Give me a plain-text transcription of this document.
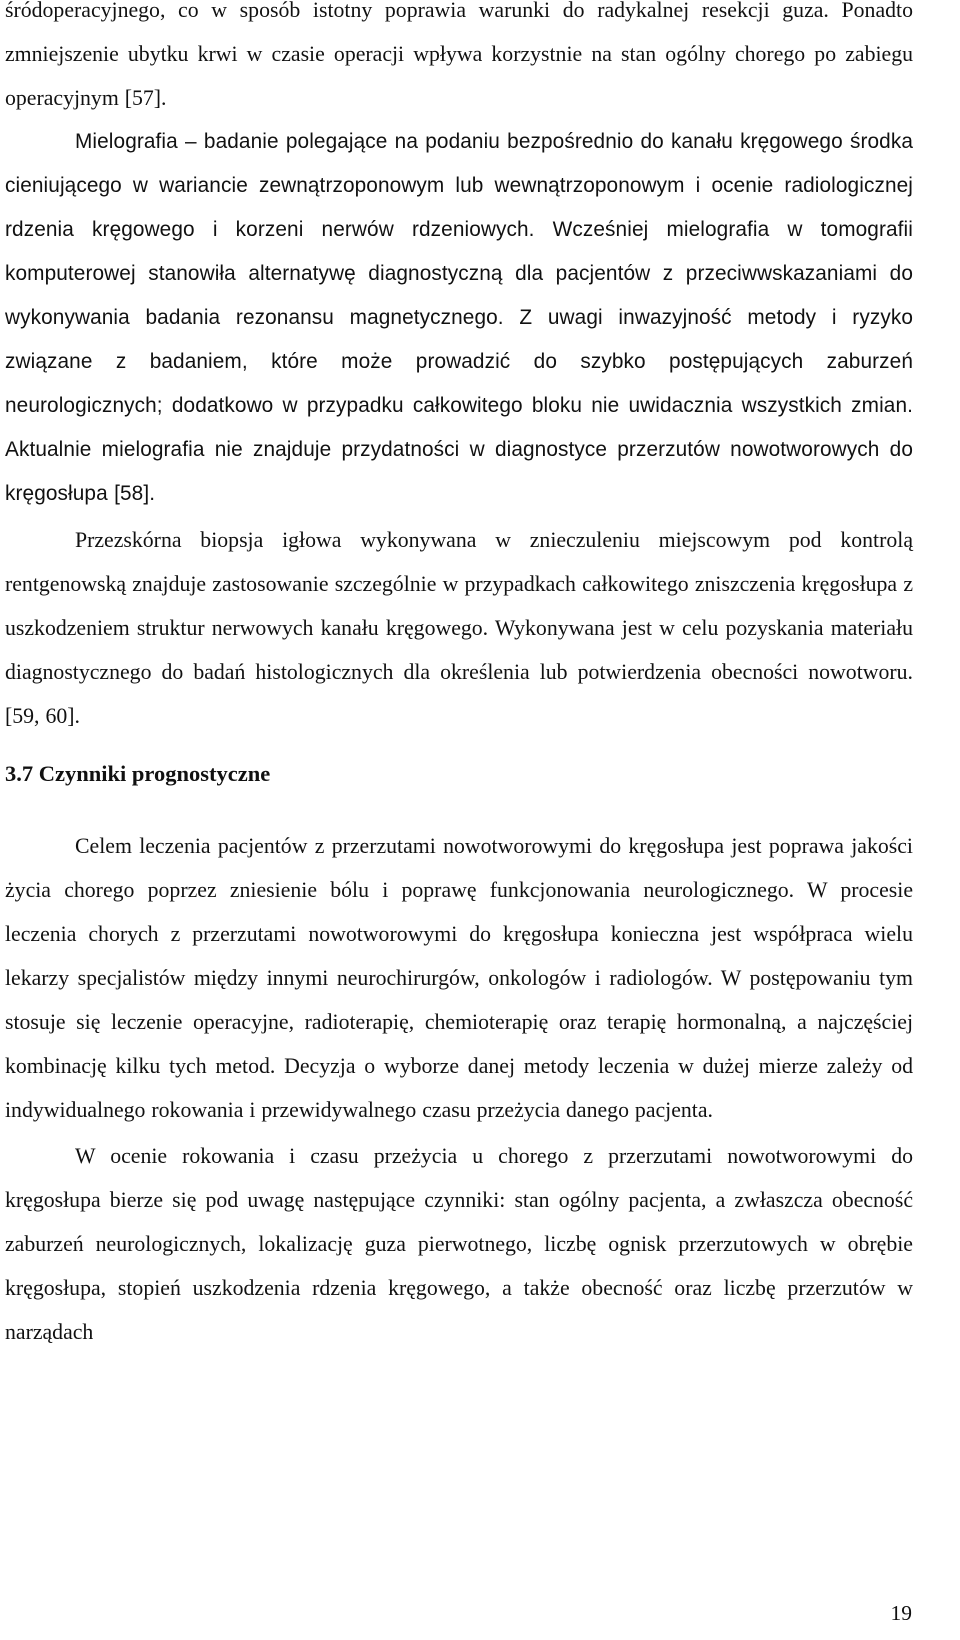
śródoperacyjnego, co w sposób istotny poprawia warunki do radykalnej resekcji guza. Ponadto zmniejszenie ubytku krwi w czasie operacji wpływa korzystnie na stan ogólny chorego po zabiegu operacyjnym [57].

Mielografia – badanie polegające na podaniu bezpośrednio do kanału kręgowego środka cieniującego w wariancie zewnątrzoponowym lub wewnątrzoponowym i ocenie radiologicznej rdzenia kręgowego i korzeni nerwów rdzeniowych. Wcześniej mielografia w tomografii komputerowej stanowiła alternatywę diagnostyczną dla pacjentów z przeciwwskazaniami do wykonywania badania rezonansu magnetycznego. Z uwagi inwazyjność metody i ryzyko związane z badaniem, które może prowadzić do szybko postępujących zaburzeń neurologicznych; dodatkowo w przypadku całkowitego bloku nie uwidacznia wszystkich zmian. Aktualnie mielografia nie znajduje przydatności w diagnostyce przerzutów nowotworowych do kręgosłupa [58].

Przezskórna biopsja igłowa wykonywana w znieczuleniu miejscowym pod kontrolą rentgenowską znajduje zastosowanie szczególnie w przypadkach całkowitego zniszczenia kręgosłupa z uszkodzeniem struktur nerwowych kanału kręgowego. Wykonywana jest w celu pozyskania materiału diagnostycznego do badań histologicznych dla określenia lub potwierdzenia obecności nowotworu. [59, 60].

3.7 Czynniki prognostyczne

Celem leczenia pacjentów z przerzutami nowotworowymi do kręgosłupa jest poprawa jakości życia chorego poprzez zniesienie bólu i poprawę funkcjonowania neurologicznego. W procesie leczenia chorych z przerzutami nowotworowymi do kręgosłupa konieczna jest współpraca wielu lekarzy specjalistów między innymi neurochirurgów, onkologów i radiologów. W postępowaniu tym stosuje się leczenie operacyjne, radioterapię, chemioterapię oraz terapię hormonalną, a najczęściej kombinację kilku tych metod. Decyzja o wyborze danej metody leczenia w dużej mierze zależy od indywidualnego rokowania i przewidywalnego czasu przeżycia danego pacjenta.

W ocenie rokowania i czasu przeżycia u chorego z przerzutami nowotworowymi do kręgosłupa bierze się pod uwagę następujące czynniki: stan ogólny pacjenta, a zwłaszcza obecność zaburzeń neurologicznych, lokalizację guza pierwotnego, liczbę ognisk przerzutowych w obrębie kręgosłupa, stopień uszkodzenia rdzenia kręgowego, a także obecność oraz liczbę przerzutów w narządach

19
